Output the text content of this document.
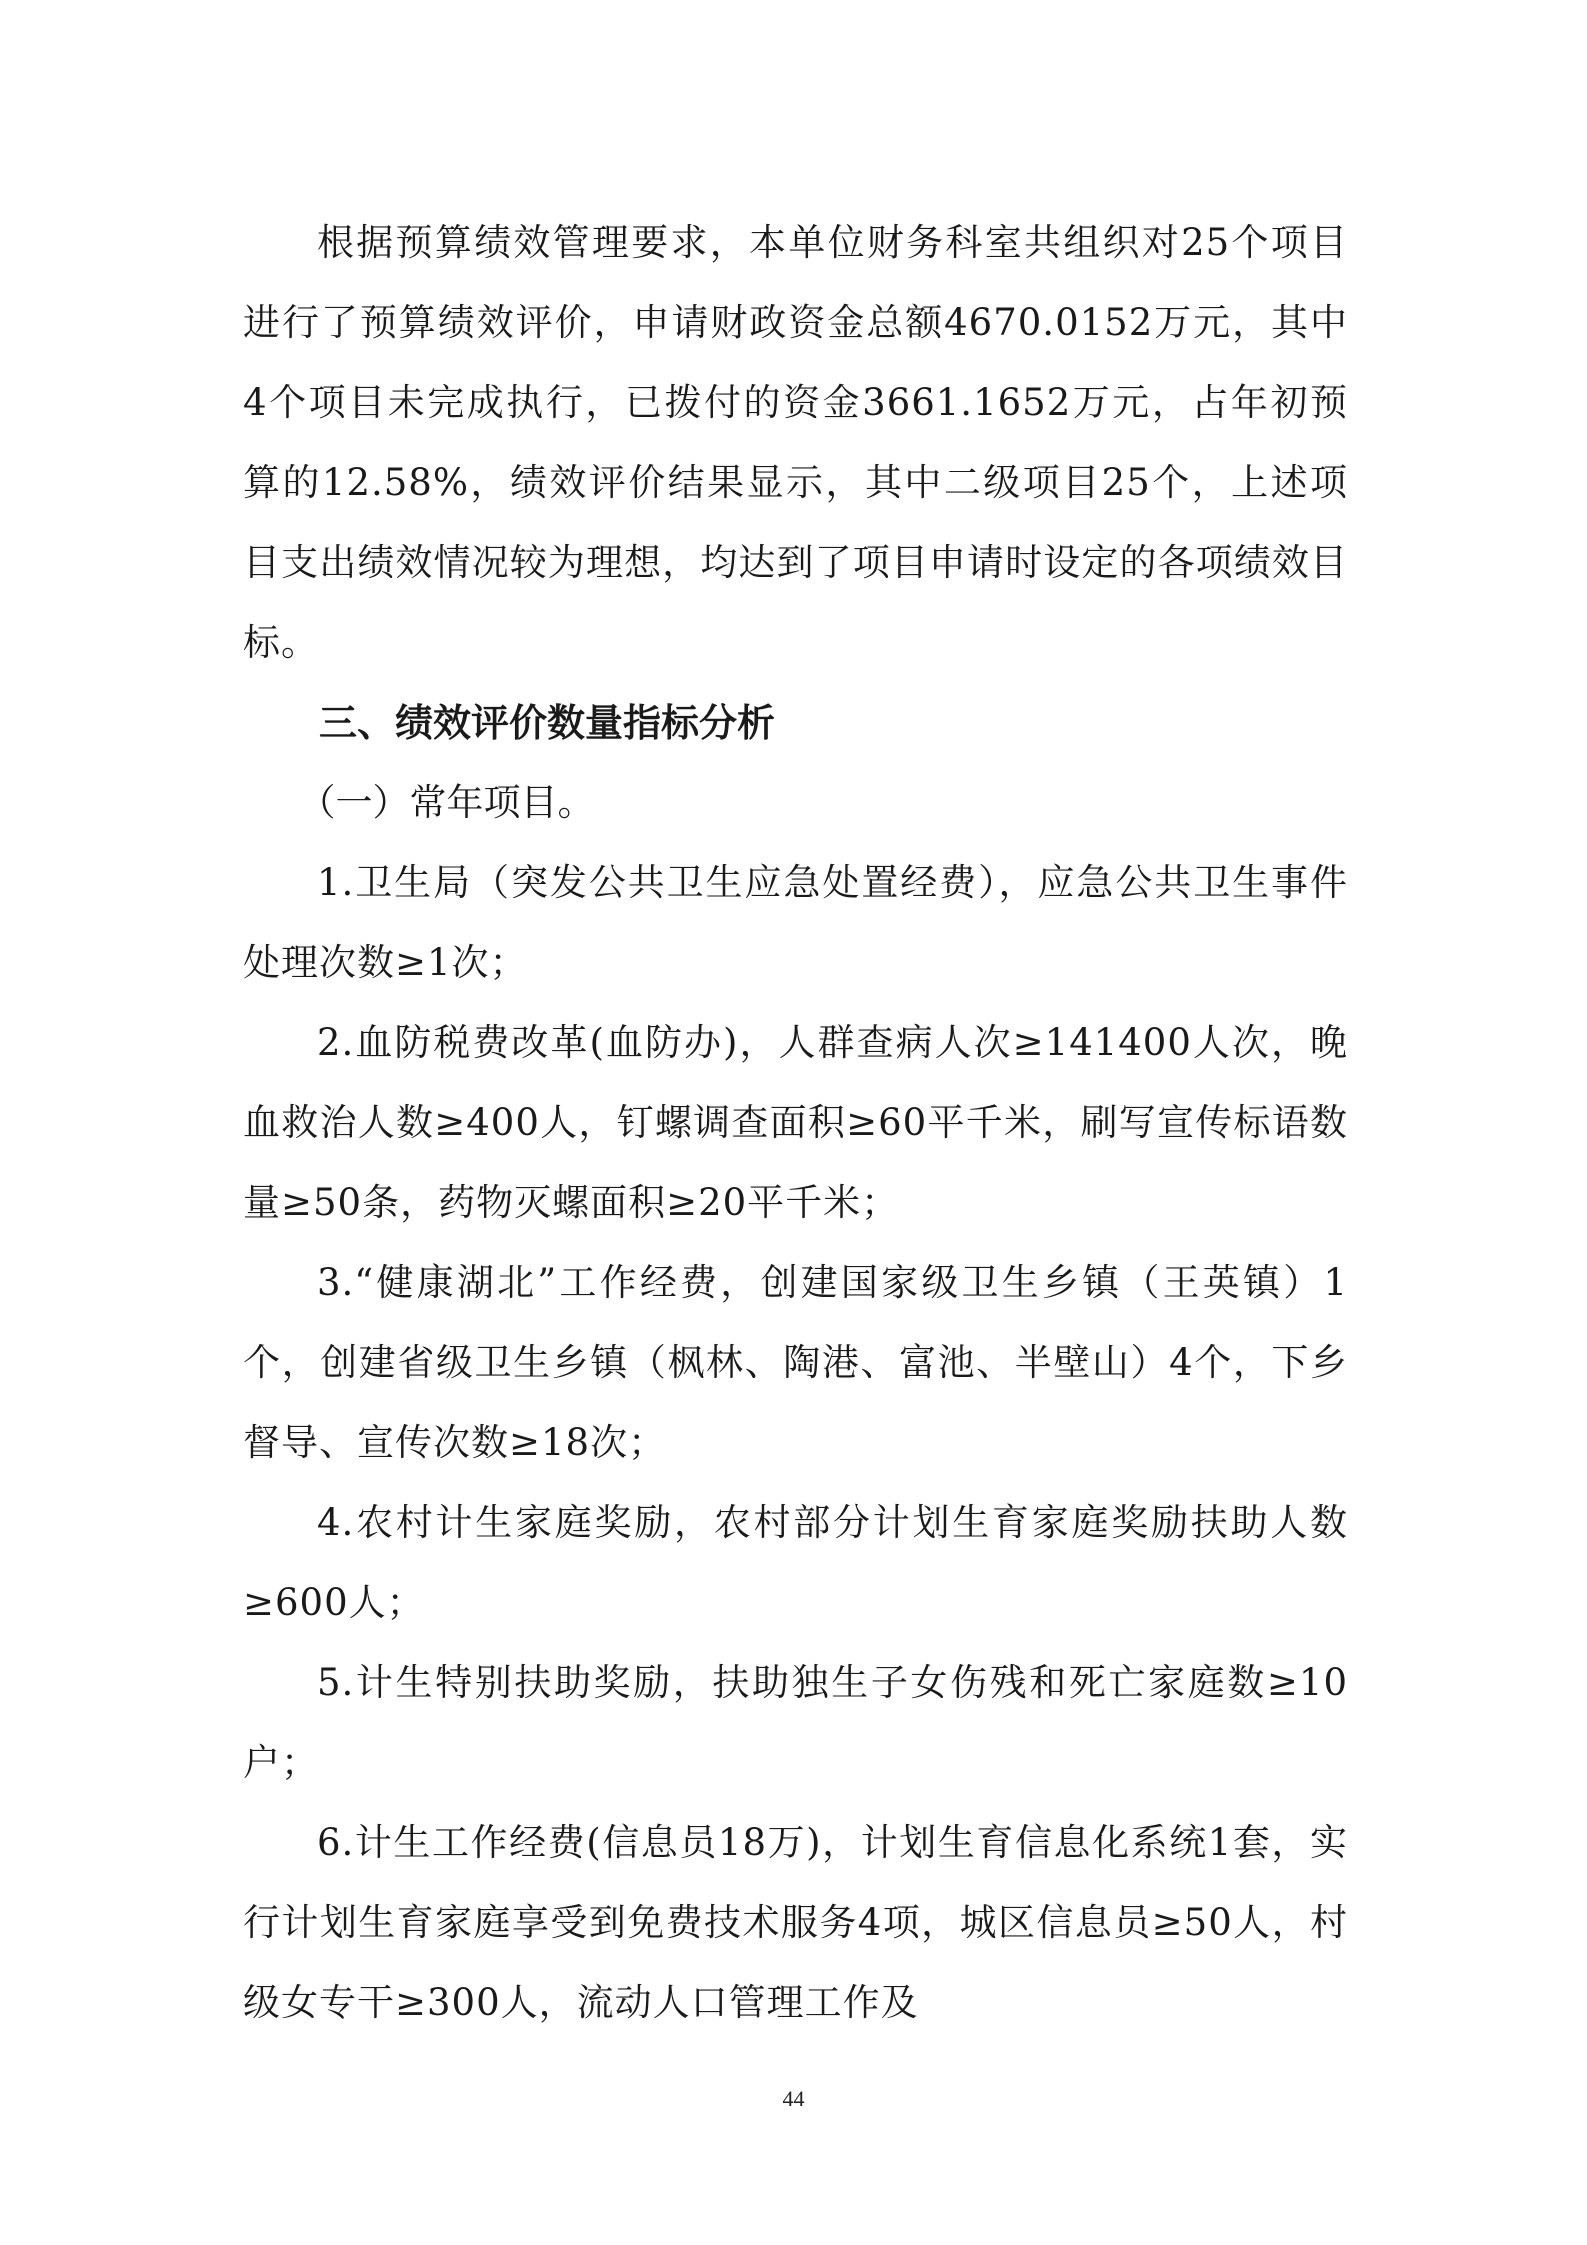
根据预算绩效管理要求，本单位财务科室共组织对25个项目进行了预算绩效评价，申请财政资金总额4670.0152万元，其中4个项目未完成执行，已拨付的资金3661.1652万元，占年初预算的12.58%，绩效评价结果显示，其中二级项目25个，上述项目支出绩效情况较为理想，均达到了项目申请时设定的各项绩效目标。

三、绩效评价数量指标分析

（一）常年项目。

1.卫生局（突发公共卫生应急处置经费），应急公共卫生事件处理次数≥1次；

2.血防税费改革(血防办)，人群查病人次≥141400人次，晚血救治人数≥400人，钉螺调查面积≥60平千米，刷写宣传标语数量≥50条，药物灭螺面积≥20平千米；

3.“健康湖北”工作经费，创建国家级卫生乡镇（王英镇）1个，创建省级卫生乡镇（枫林、陶港、富池、半壁山）4个，下乡督导、宣传次数≥18次；

4.农村计生家庭奖励，农村部分计划生育家庭奖励扶助人数≥600人；

5.计生特别扶助奖励，扶助独生子女伤残和死亡家庭数≥10户；

6.计生工作经费(信息员18万)，计划生育信息化系统1套，实行计划生育家庭享受到免费技术服务4项，城区信息员≥50人，村级女专干≥300人，流动人口管理工作及

44
